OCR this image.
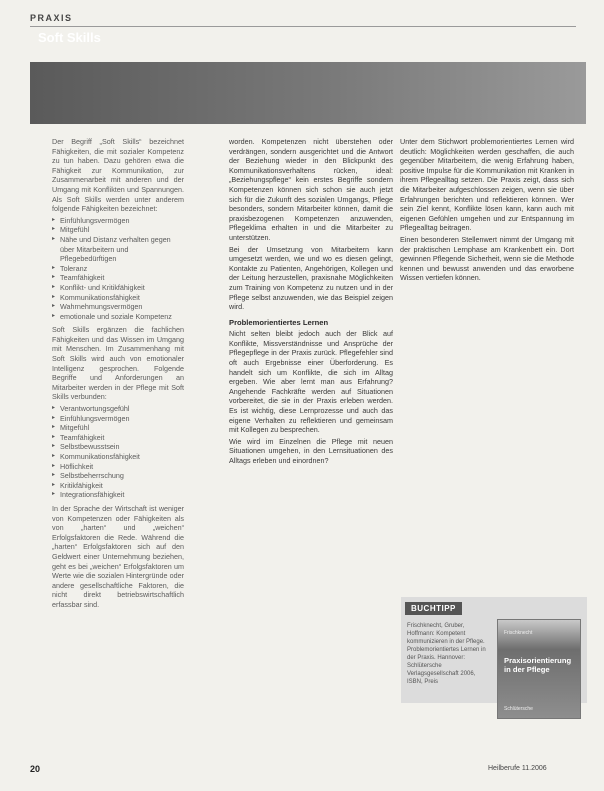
PRAXIS
Soft Skills

Der Begriff „Soft Skills“ bezeichnet Fähigkeiten, die mit sozialer Kompetenz zu tun haben. Dazu gehören etwa die Fähigkeit zur Kommunikation, zur Zusammenarbeit mit anderen und der Umgang mit Konflikten und Spannungen. Als Soft Skills werden unter anderem folgende Fähigkeiten bezeichnet:

▸ Einfühlungsvermögen
▸ Mitgefühl
▸ Nähe und Distanz verhalten gegen über Mitarbeitern und Pflegebedürftigen
▸ Toleranz
▸ Teamfähigkeit
▸ Konflikt- und Kritikfähigkeit
▸ Kommunikationsfähigkeit
▸ Wahrnehmungsvermögen
▸ emotionale und soziale Kompetenz

Soft Skills ergänzen die fachlichen Fähigkeiten und das Wissen im Umgang mit Menschen. Im Zusammenhang mit Soft Skills wird auch von emotionaler Intelligenz gesprochen. Folgende Begriffe und Anforderungen an Mitarbeiter werden in der Pflege mit Soft Skills verbunden:

▸ Verantwortungsgefühl
▸ Einfühlungsvermögen
▸ Mitgefühl
▸ Teamfähigkeit
▸ Selbstbewusstsein
▸ Kommunikationsfähigkeit
▸ Höflichkeit
▸ Selbstbeherrschung
▸ Kritikfähigkeit
▸ Integrationsfähigkeit

In der Sprache der Wirtschaft ist weniger von Kompetenzen oder Fähigkeiten als von „harten“ und „weichen“ Erfolgsfaktoren die Rede. Während die „harten“ Erfolgsfaktoren sich auf den Geldwert einer Unternehmung beziehen, geht es bei „weichen“ Erfolgsfaktoren um Werte wie die sozialen Hintergründe oder andere gesellschaftliche Faktoren, die nicht direkt betriebswirtschaftlich erfassbar sind.

worden. Kompetenzen nicht überstehen oder verdrängen, sondern ausgerichtet und die Antwort der Beziehung wieder in den Blickpunkt des Kommunikationsverhaltens rücken, ideal: „Beziehungspflege“ kein erstes Begriffe sondern Kompetenzen können sich schon sie auch jetzt sich für die Zukunft des sozialen Umgangs, Pflege besonders, sondern Mitarbeiter können, damit die praxisbezogenen Kompetenzen anzuwenden, Pflegeklima erhalten in und die Mitarbeiter zu unterstützen.

Bei der Umsetzung von Mitarbeitern kann umgesetzt werden, wie und wo es diesen gelingt, Kontakte zu Patienten, Angehörigen, Kollegen und der Leitung herzustellen, praxisnahe Möglichkeiten zum Training von Kompetenz zu nutzen und in der Pflege selbst anzuwenden, wie das Beispiel zeigen wird.

Problemorientiertes Lernen

Nicht selten bleibt jedoch auch der Blick auf Konflikte, Missverständnisse und Ansprüche der Pflegepflege in der Praxis zurück. Pflegefehler sind oft auch Ergebnisse einer Überforderung. Es handelt sich um Konflikte, die sich im Alltag ergeben. Wie aber lernt man aus Erfahrung? Angehende Fachkräfte werden auf Situationen vorbereitet, die sie in der Praxis erleben werden. Es ist wichtig, diese Lernprozesse und auch das eigene Verhalten zu reflektieren und gemeinsam mit Kollegen zu besprechen.

Wie wird im Einzelnen die Pflege mit neuen Situationen umgehen, in den Lernsituationen des Alltags erleben und einordnen?

Unter dem Stichwort problemorientiertes Lernen wird deutlich: Möglichkeiten werden geschaffen, die auch gegenüber Mitarbeitern, die wenig Erfahrung haben, positive Impulse für die Kommunikation mit Kranken in ihrem Pflegealltag setzen. Die Praxis zeigt, dass sich die Mitarbeiter aufgeschlossen zeigen, wenn sie über Erfahrungen berichten und reflektieren können. Wer sein Ziel kennt, Konflikte lösen kann, kann auch mit eigenen Gefühlen umgehen und zur Entspannung im Pflegealltag beitragen.

Einen besonderen Stellenwert nimmt der Umgang mit der praktischen Lernphase am Krankenbett ein. Dort gewinnen Pflegende Sicherheit, wenn sie die Methode kennen und bewusst anwenden und das erworbene Wissen vertiefen können.

BUCHTIPP
Frischknecht, Gruber, Hoffmann: Kompetent kommunizieren in der Pflege. Problemorientiertes Lernen in der Praxis. Hannover: Schlütersche Verlagsgesellschaft 2006, ISBN, Preis
Frischknecht
Praxisorientierung in der Pflege
Schlütersche
20	Heilberufe 11.2006
